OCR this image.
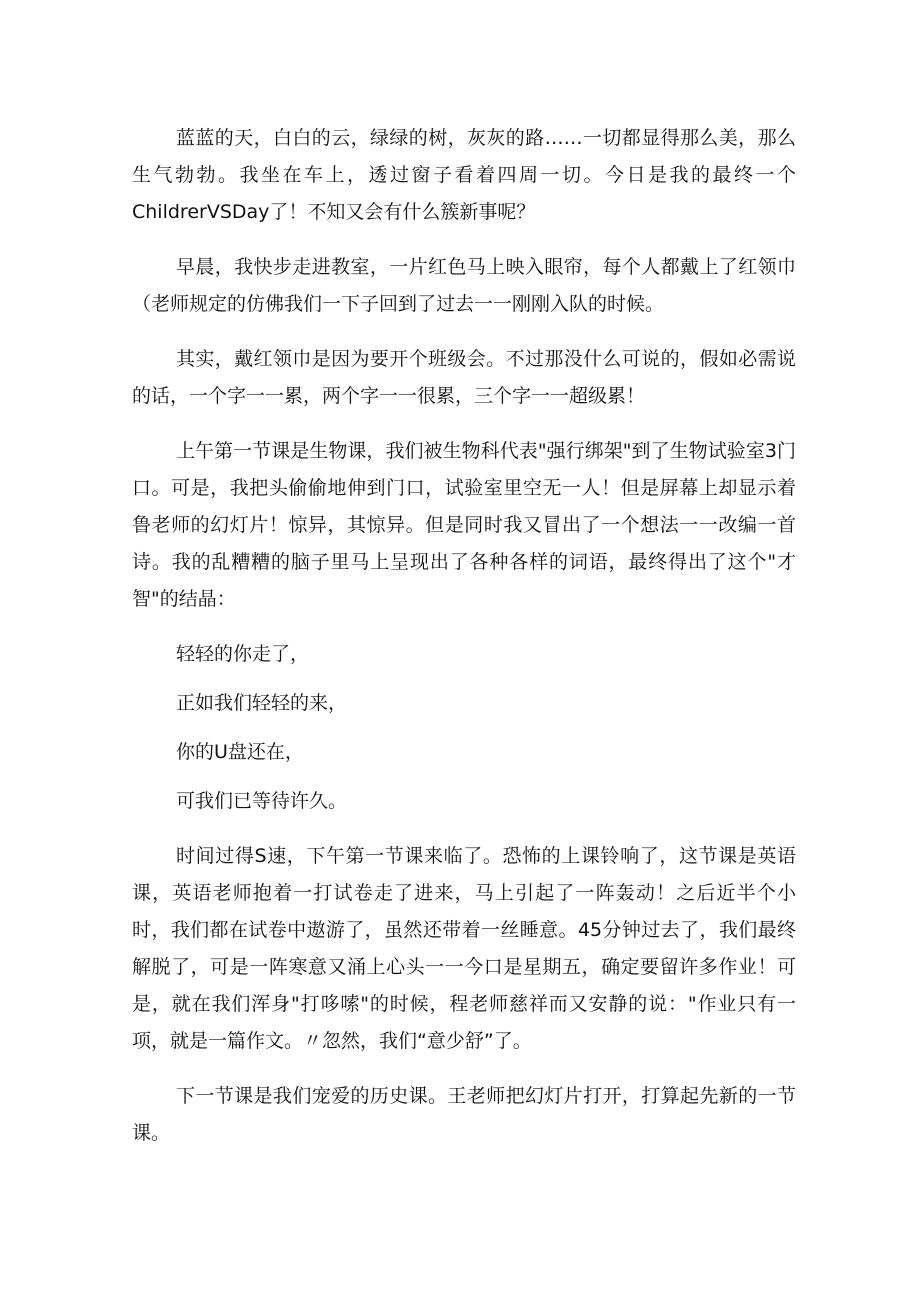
蓝蓝的天，白白的云，绿绿的树，灰灰的路……一切都显得那么美，那么生气勃勃。我坐在车上，透过窗子看着四周一切。今日是我的最终一个ChildrerVSDay了！不知又会有什么簇新事呢？

早晨，我快步走进教室，一片红色马上映入眼帘，每个人都戴上了红领巾（老师规定的仿佛我们一下子回到了过去一一刚刚入队的时候。

其实，戴红领巾是因为要开个班级会。不过那没什么可说的，假如必需说的话，一个字一一累，两个字一一很累，三个字一一超级累！

上午第一节课是生物课，我们被生物科代表"强行绑架"到了生物试验室3门口。可是，我把头偷偷地伸到门口，试验室里空无一人！但是屏幕上却显示着鲁老师的幻灯片！惊异，其惊异。但是同时我又冒出了一个想法一一改编一首诗。我的乱糟糟的脑子里马上呈现出了各种各样的词语，最终得出了这个"才智"的结晶：

轻轻的你走了，

正如我们轻轻的来，

你的U盘还在，

可我们已等待许久。

时间过得S速，下午第一节课来临了。恐怖的上课铃响了，这节课是英语课，英语老师抱着一打试卷走了进来，马上引起了一阵轰动！之后近半个小时，我们都在试卷中遨游了，虽然还带着一丝睡意。45分钟过去了，我们最终解脱了，可是一阵寒意又涌上心头一一今口是星期五，确定要留许多作业！可是，就在我们浑身"打哆嗦"的时候，程老师慈祥而又安静的说："作业只有一项，就是一篇作文。〃忽然，我们“意少舒”了。

下一节课是我们宠爱的历史课。王老师把幻灯片打开，打算起先新的一节课。
